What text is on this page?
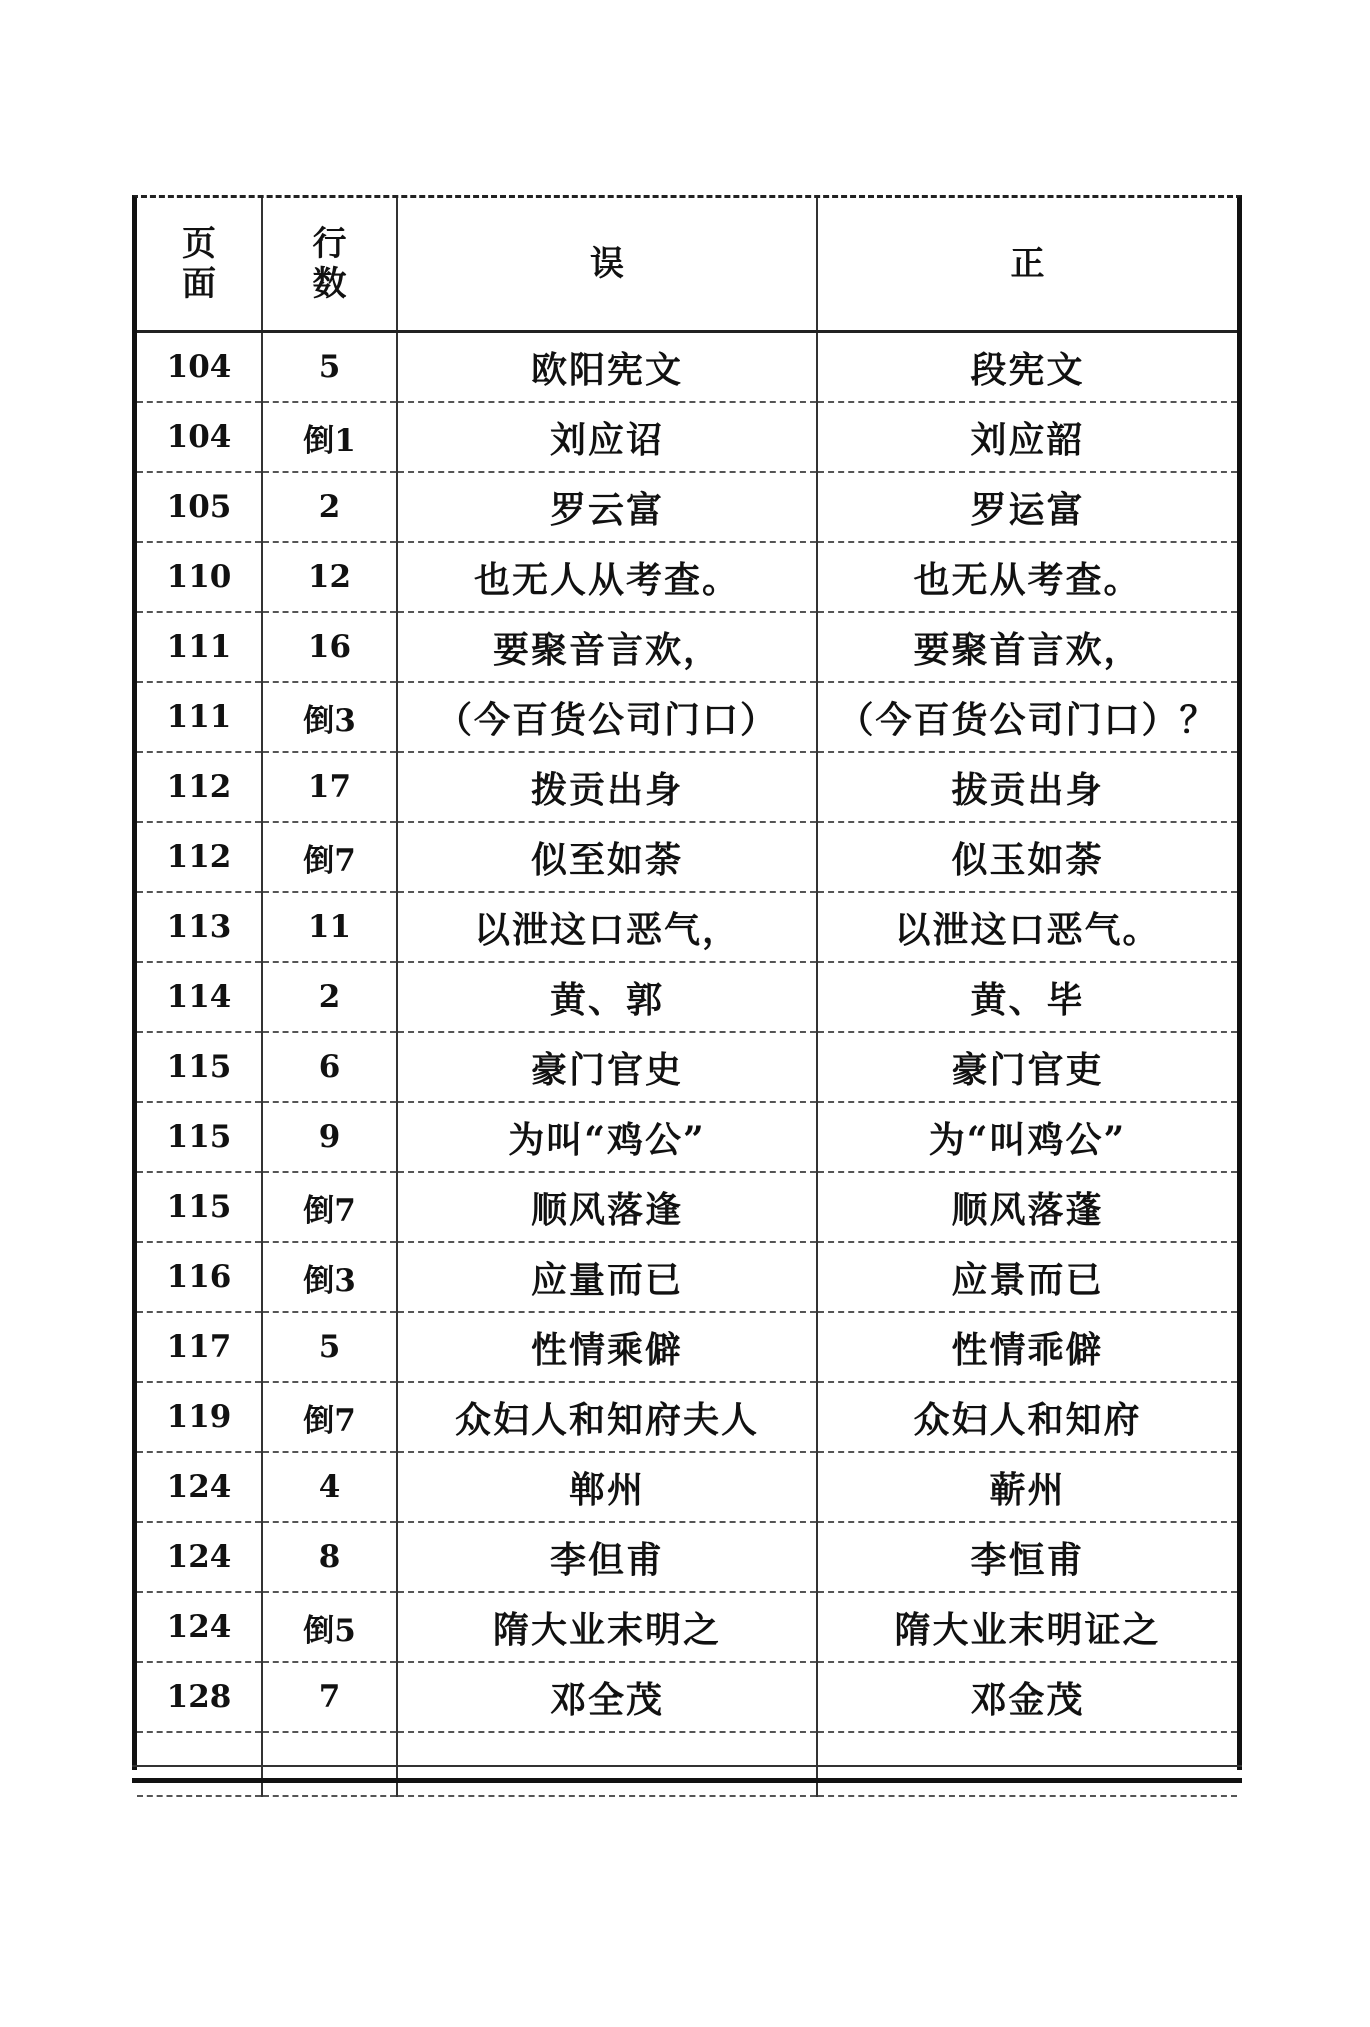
页面	行数	误	正
104	5	欧阳宪文	段宪文
104	倒1	刘应诏	刘应韶
105	2	罗云富	罗运富
110	12	也无人从考查。	也无从考查。
111	16	要聚音言欢，	要聚首言欢，
111	倒3	（今百货公司门口）	（今百货公司门口）？
112	17	拨贡出身	拔贡出身
112	倒7	似至如荼	似玉如荼
113	11	以泄这口恶气，	以泄这口恶气。
114	2	黄、郭	黄、毕
115	6	豪门官史	豪门官吏
115	9	为叫“鸡公”	为“叫鸡公”
115	倒7	顺风落逢	顺风落蓬
116	倒3	应量而已	应景而已
117	5	性情乘僻	性情乖僻
119	倒7	众妇人和知府夫人	众妇人和知府
124	4	郸州	蕲州
124	8	李但甫	李恒甫
124	倒5	隋大业末明之	隋大业末明证之
128	7	邓全茂	邓金茂
